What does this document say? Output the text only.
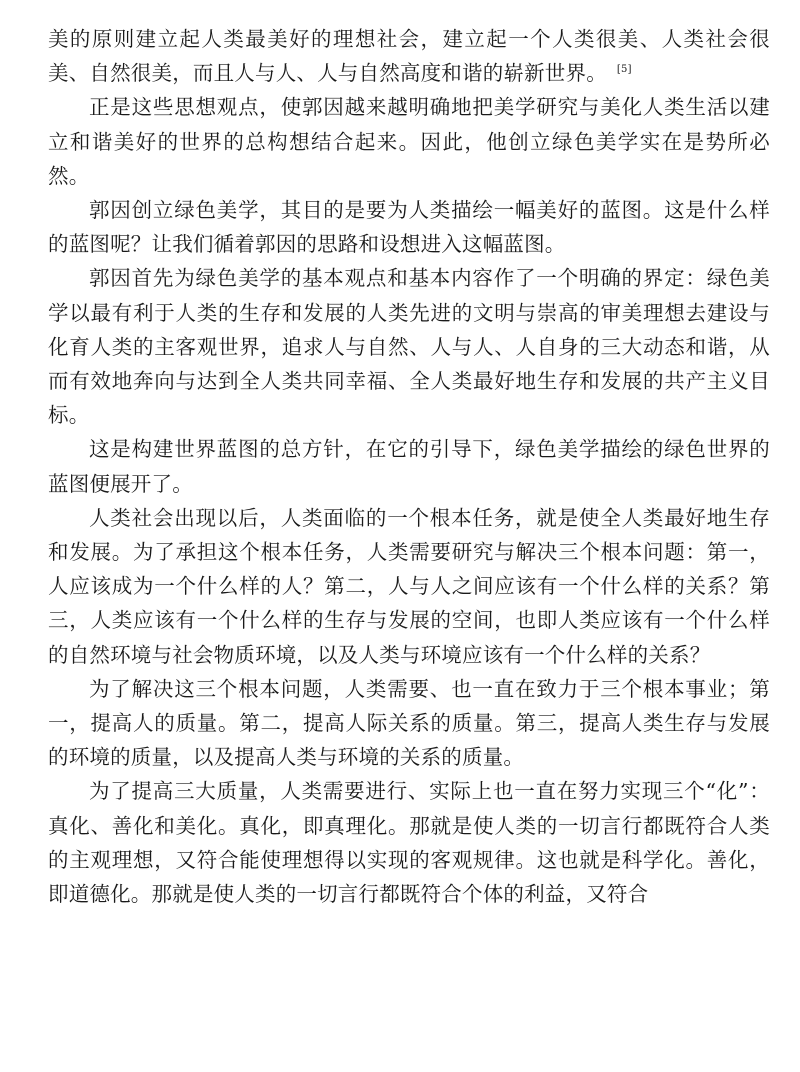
美的原则建立起人类最美好的理想社会，建立起一个人类很美、人类社会很美、自然很美，而且人与人、人与自然高度和谐的崭新世界。 [5]

正是这些思想观点，使郭因越来越明确地把美学研究与美化人类生活以建立和谐美好的世界的总构想结合起来。因此，他创立绿色美学实在是势所必然。

郭因创立绿色美学，其目的是要为人类描绘一幅美好的蓝图。这是什么样的蓝图呢？让我们循着郭因的思路和设想进入这幅蓝图。

郭因首先为绿色美学的基本观点和基本内容作了一个明确的界定：绿色美学以最有利于人类的生存和发展的人类先进的文明与崇高的审美理想去建设与化育人类的主客观世界，追求人与自然、人与人、人自身的三大动态和谐，从而有效地奔向与达到全人类共同幸福、全人类最好地生存和发展的共产主义目标。

这是构建世界蓝图的总方针，在它的引导下，绿色美学描绘的绿色世界的蓝图便展开了。

人类社会出现以后，人类面临的一个根本任务，就是使全人类最好地生存和发展。为了承担这个根本任务，人类需要研究与解决三个根本问题：第一，人应该成为一个什么样的人？第二，人与人之间应该有一个什么样的关系？第三，人类应该有一个什么样的生存与发展的空间，也即人类应该有一个什么样的自然环境与社会物质环境，以及人类与环境应该有一个什么样的关系？

为了解决这三个根本问题，人类需要、也一直在致力于三个根本事业；第一，提高人的质量。第二，提高人际关系的质量。第三，提高人类生存与发展的环境的质量，以及提高人类与环境的关系的质量。

为了提高三大质量，人类需要进行、实际上也一直在努力实现三个“化”：真化、善化和美化。真化，即真理化。那就是使人类的一切言行都既符合人类的主观理想，又符合能使理想得以实现的客观规律。这也就是科学化。善化，即道德化。那就是使人类的一切言行都既符合个体的利益，又符合
